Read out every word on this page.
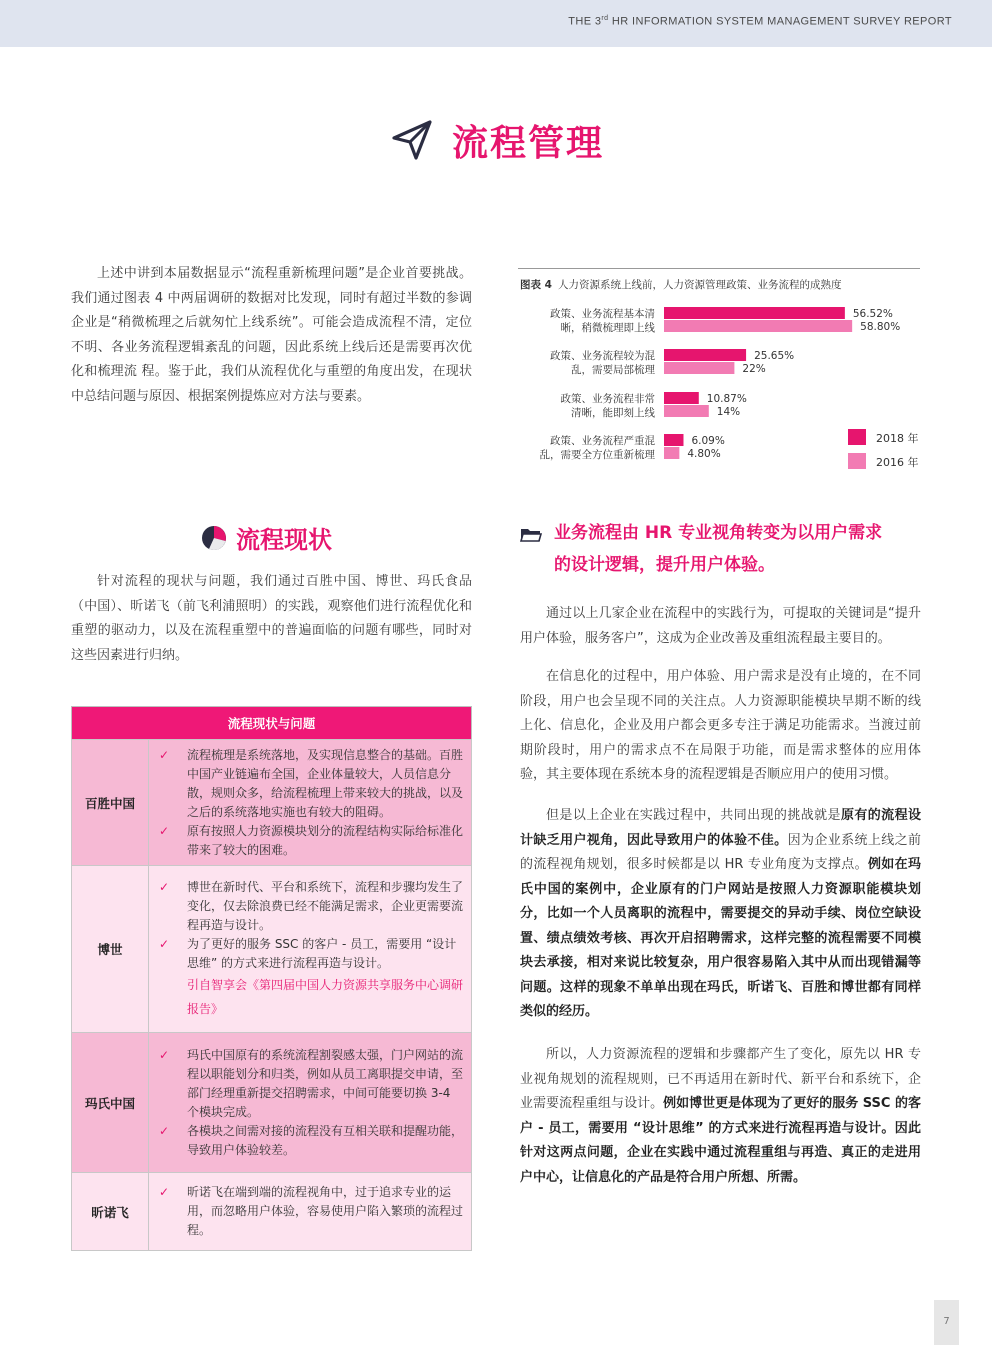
THE 3rd HR INFORMATION SYSTEM MANAGEMENT SURVEY REPORT
流程管理

上述中讲到本届数据显示“流程重新梳理问题”是企业首要挑战。我们通过图表 4 中两届调研的数据对比发现，同时有超过半数的参调企业是“稍微梳理之后就匆忙上线系统”。可能会造成流程不清，定位不明、各业务流程逻辑紊乱的问题，因此系统上线后还是需要再次优化和梳理流 程。鉴于此，我们从流程优化与重塑的角度出发，在现状中总结问题与原因、根据案例提炼应对方法与要素。

图表 4 人力资源系统上线前，人力资源管理政策、业务流程的成熟度
政策、业务流程基本清
晰，稍微梳理即上线
56.52%
58.80%
政策、业务流程较为混
乱，需要局部梳理
25.65%
22%
政策、业务流程非常
清晰，能即刻上线
10.87%
14%
政策、业务流程严重混
乱，需要全方位重新梳理
6.09%
4.80%
2018 年
2016 年
流程现状

针对流程的现状与问题，我们通过百胜中国、博世、玛氏食品（中国）、昕诺飞（前飞利浦照明）的实践，观察他们进行流程优化和重塑的驱动力，以及在流程重塑中的普遍面临的问题有哪些，同时对这些因素进行归纳。

流程现状与问题	
百胜中国	✓ 流程梳理是系统落地，及实现信息整合的基础。百胜中国产业链遍布全国，企业体量较大，人员信息分散，规则众多，给流程梳理上带来较大的挑战，以及之后的系统落地实施也有较大的阻碍。
✓ 原有按照人力资源模块划分的流程结构实际给标准化带来了较大的困难。

博世	✓ 博世在新时代、平台和系统下，流程和步骤均发生了变化，仅去除浪费已经不能满足需求，企业更需要流程再造与设计。
✓ 为了更好的服务 SSC 的客户 - 员工，需要用 “设计思维” 的方式来进行流程再造与设计。
引自智享会《第四届中国人力资源共享服务中心调研报告》

玛氏中国	✓ 玛氏中国原有的系统流程割裂感太强，门户网站的流程以职能划分和归类，例如从员工离职提交申请，至部门经理重新提交招聘需求，中间可能要切换 3-4 个模块完成。
✓ 各模块之间需对接的流程没有互相关联和提醒功能，导致用户体验较差。

昕诺飞	✓ 昕诺飞在端到端的流程视角中，过于追求专业的运用，而忽略用户体验，容易使用户陷入繁琐的流程过程。
业务流程由 HR 专业视角转变为以用户需求
的设计逻辑，提升用户体验。

通过以上几家企业在流程中的实践行为，可提取的关键词是“提升用户体验，服务客户”，这成为企业改善及重组流程最主要目的。

在信息化的过程中，用户体验、用户需求是没有止境的，在不同阶段，用户也会呈现不同的关注点。人力资源职能模块早期不断的线上化、信息化，企业及用户都会更多专注于满足功能需求。当渡过前期阶段时，用户的需求点不在局限于功能，而是需求整体的应用体验，其主要体现在系统本身的流程逻辑是否顺应用户的使用习惯。

但是以上企业在实践过程中，共同出现的挑战就是原有的流程设计缺乏用户视角，因此导致用户的体验不佳。因为企业系统上线之前的流程视角规划，很多时候都是以 HR 专业角度为支撑点。例如在玛氏中国的案例中，企业原有的门户网站是按照人力资源职能模块划分，比如一个人员离职的流程中，需要提交的异动手续、岗位空缺设置、绩点绩效考核、再次开启招聘需求，这样完整的流程需要不同模块去承接，相对来说比较复杂，用户很容易陷入其中从而出现错漏等问题。这样的现象不单单出现在玛氏，昕诺飞、百胜和博世都有同样类似的经历。

所以，人力资源流程的逻辑和步骤都产生了变化，原先以 HR 专业视角规划的流程规则，已不再适用在新时代、新平台和系统下，企业需要流程重组与设计。例如博世更是体现为了更好的服务 SSC 的客户 - 员工，需要用 “设计思维” 的方式来进行流程再造与设计。因此针对这两点问题，企业在实践中通过流程重组与再造、真正的走进用户中心，让信息化的产品是符合用户所想、所需。

7
